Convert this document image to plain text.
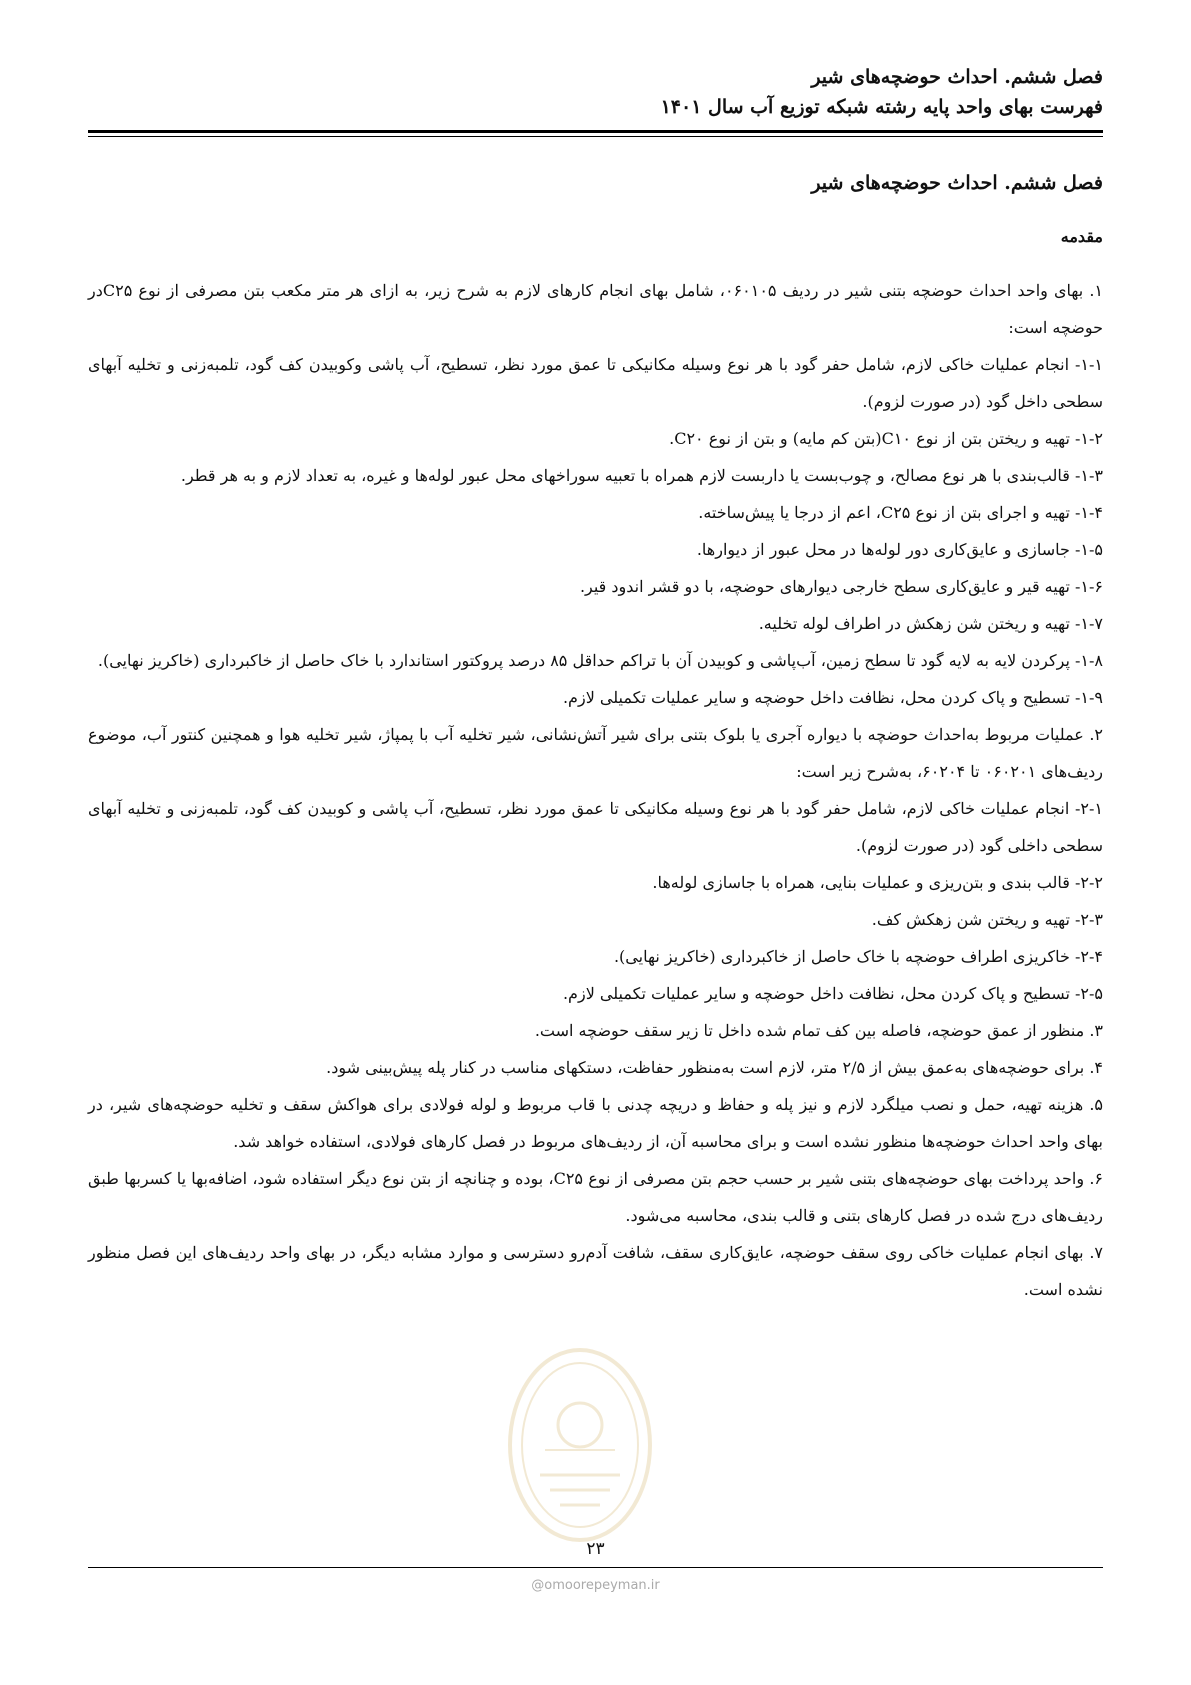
فصل ششم. احداث حوضچه‌های شیر

فهرست بهای واحد پایه رشته شبکه توزیع آب سال ۱۴۰۱

فصل ششم. احداث حوضچه‌های شیر
مقدمه

۱. بهای واحد احداث حوضچه بتنی شیر در ردیف ۰۶۰۱۰۵، شامل بهای انجام کارهای لازم به شرح زیر، به ازای هر متر مکعب بتن مصرفی از نوع C۲۵در حوضچه است:

۱-۱- انجام عملیات خاکی لازم، شامل حفر گود با هر نوع وسیله مکانیکی تا عمق مورد نظر، تسطیح، آب پاشی وکوبیدن کف گود، تلمبه‌زنی و تخلیه آبهای سطحی داخل گود (در صورت لزوم).

۱-۲- تهیه و ریختن بتن از نوع C۱۰(بتن کم مایه) و بتن از نوع C۲۰.

۱-۳- قالب‌بندی با هر نوع مصالح، و چوب‌بست یا داربست لازم همراه با تعبیه سوراخهای محل عبور لوله‌ها و غیره، به تعداد لازم و به هر قطر.

۱-۴- تهیه و اجرای بتن از نوع C۲۵، اعم از درجا یا پیش‌ساخته.

۱-۵- جاسازی و عایق‌کاری دور لوله‌ها در محل عبور از دیوارها.

۱-۶- تهیه قیر و عایق‌کاری سطح خارجی دیوارهای حوضچه، با دو قشر اندود قیر.

۱-۷- تهیه و ریختن شن زهکش در اطراف لوله تخلیه.

۱-۸- پرکردن لایه به لایه گود تا سطح زمین، آب‌پاشی و کوبیدن آن با تراکم حداقل ۸۵ درصد پروکتور استاندارد با خاک حاصل از خاکبرداری (خاکریز نهایی).

۱-۹- تسطیح و پاک کردن محل، نظافت داخل حوضچه و سایر عملیات تکمیلی لازم.

۲. عملیات مربوط به‌احداث حوضچه با دیواره آجری یا بلوک بتنی برای شیر آتش‌نشانی، شیر تخلیه آب با پمپاژ، شیر تخلیه هوا و همچنین کنتور آب، موضوع ردیف‌های ۰۶۰۲۰۱ تا ۶۰۲۰۴، به‌شرح زیر است:

۲-۱- انجام عملیات خاکی لازم، شامل حفر گود با هر نوع وسیله مکانیکی تا عمق مورد نظر، تسطیح، آب پاشی و کوبیدن کف گود، تلمبه‌زنی و تخلیه آبهای سطحی داخلی گود (در صورت لزوم).

۲-۲- قالب بندی و بتن‌ریزی و عملیات بنایی، همراه با جاسازی لوله‌ها.

۲-۳- تهیه و ریختن شن زهکش کف.

۲-۴- خاکریزی اطراف حوضچه با خاک حاصل از خاکبرداری (خاکریز نهایی).

۲-۵- تسطیح و پاک کردن محل، نظافت داخل حوضچه و سایر عملیات تکمیلی لازم.

۳. منظور از عمق حوضچه، فاصله بین کف تمام شده داخل تا زیر سقف حوضچه است.

۴. برای حوضچه‌های به‌عمق بیش از ۲/۵ متر، لازم است به‌منظور حفاظت، دستکهای مناسب در کنار پله پیش‌بینی شود.

۵. هزینه تهیه، حمل و نصب میلگرد لازم و نیز پله و حفاظ و دریچه چدنی با قاب مربوط و لوله فولادی برای هواکش سقف و تخلیه حوضچه‌های شیر، در بهای واحد احداث حوضچه‌ها منظور نشده است و برای محاسبه آن، از ردیف‌های مربوط در فصل کارهای فولادی، استفاده خواهد شد.

۶. واحد پرداخت بهای حوضچه‌های بتنی شیر بر حسب حجم بتن مصرفی از نوع C۲۵، بوده و چنانچه از بتن نوع دیگر استفاده شود، اضافه‌بها یا کسربها طبق ردیف‌های درج شده در فصل کارهای بتنی و قالب بندی، محاسبه می‌شود.

۷. بهای انجام عملیات خاکی روی سقف حوضچه، عایق‌کاری سقف، شافت آدم‌رو دسترسی و موارد مشابه دیگر، در بهای واحد ردیف‌های این فصل منظور نشده است.

۲۳
@omoorepeyman.ir
